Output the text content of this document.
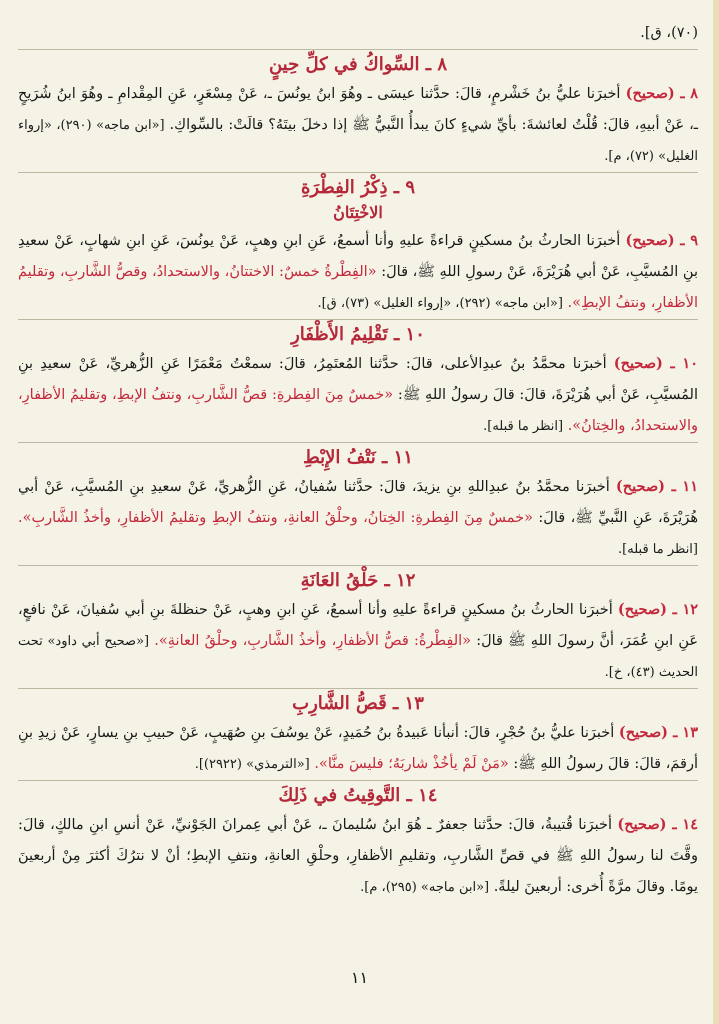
(٧٠)، ق].

٨ ـ السِّواكُ في كلِّ حِينٍ

٨ ـ (صحيح) أخبرَنا عليُّ بنُ خَشْرمٍ، قالَ: حدَّثنا عيسَى ـ وهُوَ ابنُ يونُسَ ـ، عَنْ مِسْعَرٍ، عَنِ المِقْدامِ ـ وهُوَ ابنُ شُرَيحٍ ـ، عَنْ أبيهِ، قالَ: قُلْتُ لعائشةَ: بأيِّ شيءٍ كانَ يبدأُ النَّبيُّ ﷺ إذا دخلَ بيتَهُ؟ قالَتْ: بالسِّواكِ. [«ابن ماجه» (٢٩٠)، «إرواء الغليل» (٧٢)، م].

٩ ـ ذِكْرُ الفِطْرَةِ
الاخْتِتَانُ

٩ ـ (صحيح) أخبرَنا الحارثُ بنُ مسكينٍ قراءةً عليهِ وأنا أسمعُ، عَنِ ابنِ وهبٍ، عَنْ يونُسَ، عَنِ ابنِ شهابٍ، عَنْ سعيدِ بنِ المُسيَّبِ، عَنْ أبي هُرَيْرَةَ، عَنْ رسولِ اللهِ ﷺ، قالَ: «الفِطْرةُ خمسٌ: الاختتانُ، والاستحدادُ، وقصُّ الشَّاربِ، وتقليمُ الأظفارِ، ونتفُ الإبطِ». [«ابن ماجه» (٢٩٢)، «إرواء الغليل» (٧٣)، ق].

١٠ ـ تَقْلِيمُ الأَظْفَارِ

١٠ ـ (صحيح) أخبرَنا محمَّدُ بنُ عبدِالأعلى، قالَ: حدَّثنا المُعتَمِرُ، قالَ: سمعْتُ مَعْمَرًا عَنِ الزُّهريِّ، عَنْ سعيدِ بنِ المُسيَّبِ، عَنْ أبي هُرَيْرَةَ، قالَ: قالَ رسولُ اللهِ ﷺ: «خمسٌ مِنَ الفِطرةِ: قصُّ الشَّاربِ، ونتفُ الإبطِ، وتقليمُ الأظفارِ، والاستحدادُ، والخِتانُ». [انظر ما قبله].

١١ ـ نَتْفُ الإِبْطِ

١١ ـ (صحيح) أخبرَنا محمَّدُ بنُ عبدِاللهِ بنِ يزيدَ، قالَ: حدَّثنا سُفيانُ، عَنِ الزُّهريِّ، عَنْ سعيدِ بنِ المُسيَّبِ، عَنْ أبي هُرَيْرَةَ، عَنِ النَّبيِّ ﷺ، قالَ: «خمسٌ مِنَ الفِطرةِ: الخِتانُ، وحلْقُ العانةِ، ونتفُ الإبطِ وتقليمُ الأظفارِ، وأخذُ الشَّاربِ». [انظر ما قبله].

١٢ ـ حَلْقُ العَانَةِ

١٢ ـ (صحيح) أخبرَنا الحارثُ بنُ مسكينٍ قراءةً عليهِ وأنا أسمعُ، عَنِ ابنِ وهبٍ، عَنْ حنظلةَ بنِ أبي سُفيانَ، عَنْ نافعٍ، عَنِ ابنِ عُمَرَ، أنَّ رسولَ اللهِ ﷺ قالَ: «الفِطْرةُ: قصُّ الأظفارِ، وأخذُ الشَّاربِ، وحلْقُ العانةِ». [«صحيح أبي داود» تحت الحديث (٤٣)، خ].

١٣ ـ قَصُّ الشَّارِبِ

١٣ ـ (صحيح) أخبرَنا عليُّ بنُ حُجْرٍ، قالَ: أنبأنا عَبيدةُ بنُ حُمَيدٍ، عَنْ يوسُفَ بنِ صُهَيبٍ، عَنْ حبيبِ بنِ يسارٍ، عَنْ زيدِ بنِ أرقمَ، قالَ: قالَ رسولُ اللهِ ﷺ: «مَنْ لَمْ يأخُذْ شاربَهُ؛ فليسَ منَّا». [«الترمذي» (٢٩٢٢)].

١٤ ـ التَّوقِيتُ في ذَلِكَ

١٤ ـ (صحيح) أخبرَنا قُتيبةُ، قالَ: حدَّثنا جعفرٌ ـ هُوَ ابنُ سُليمانَ ـ، عَنْ أبي عِمرانَ الجَوْنيِّ، عَنْ أنسِ ابنِ مالكٍ، قالَ: وقَّتَ لنا رسولُ اللهِ ﷺ في قصِّ الشَّاربِ، وتقليمِ الأظفارِ، وحلْقِ العانةِ، ونتفِ الإبطِ؛ أنْ لا نترُكَ أكثرَ مِنْ أربعينَ يومًا. وقالَ مرَّةً أُخرى: أربعينَ ليلةً. [«ابن ماجه» (٢٩٥)، م].

١١
